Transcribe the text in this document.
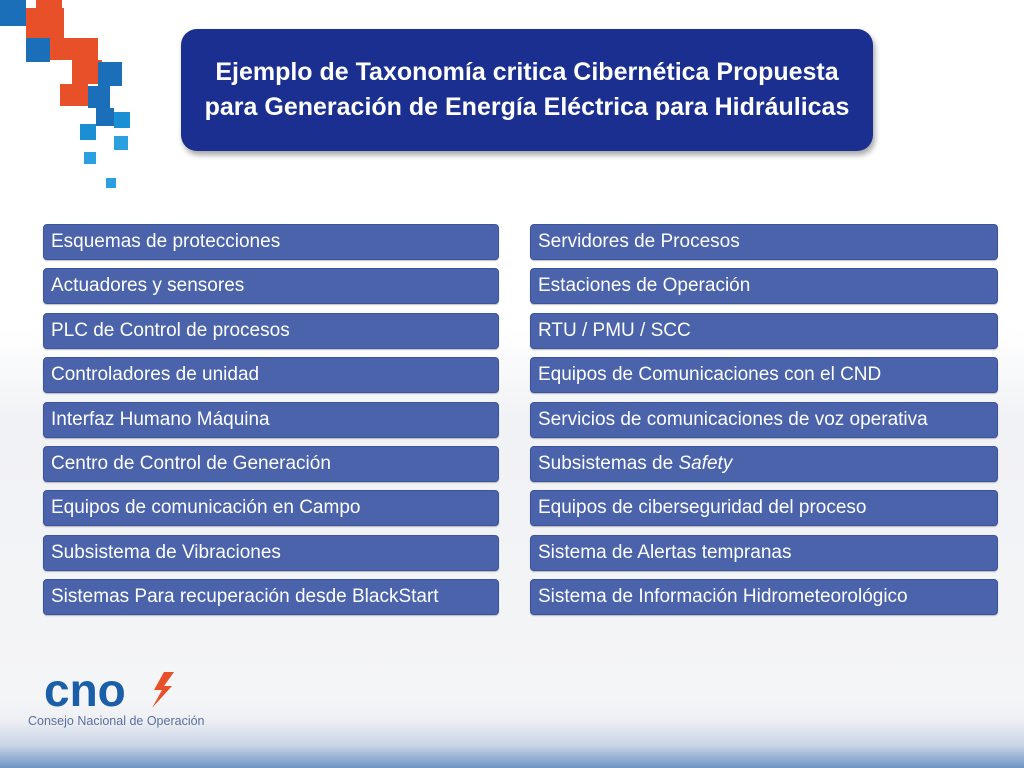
Ejemplo de Taxonomía critica Cibernética Propuesta
para Generación de Energía Eléctrica para Hidráulicas
Esquemas de protecciones
Actuadores y sensores
PLC de Control de procesos
Controladores de unidad
Interfaz Humano Máquina
Centro de Control de Generación
Equipos de comunicación en Campo
Subsistema de Vibraciones
Sistemas Para recuperación desde BlackStart
Servidores de Procesos
Estaciones de Operación
RTU / PMU / SCC
Equipos de Comunicaciones con el CND
Servicios de comunicaciones de voz operativa
Subsistemas de Safety
Equipos de ciberseguridad del proceso
Sistema de Alertas tempranas
Sistema de Información Hidrometeorológico
cno
Consejo Nacional de Operación
